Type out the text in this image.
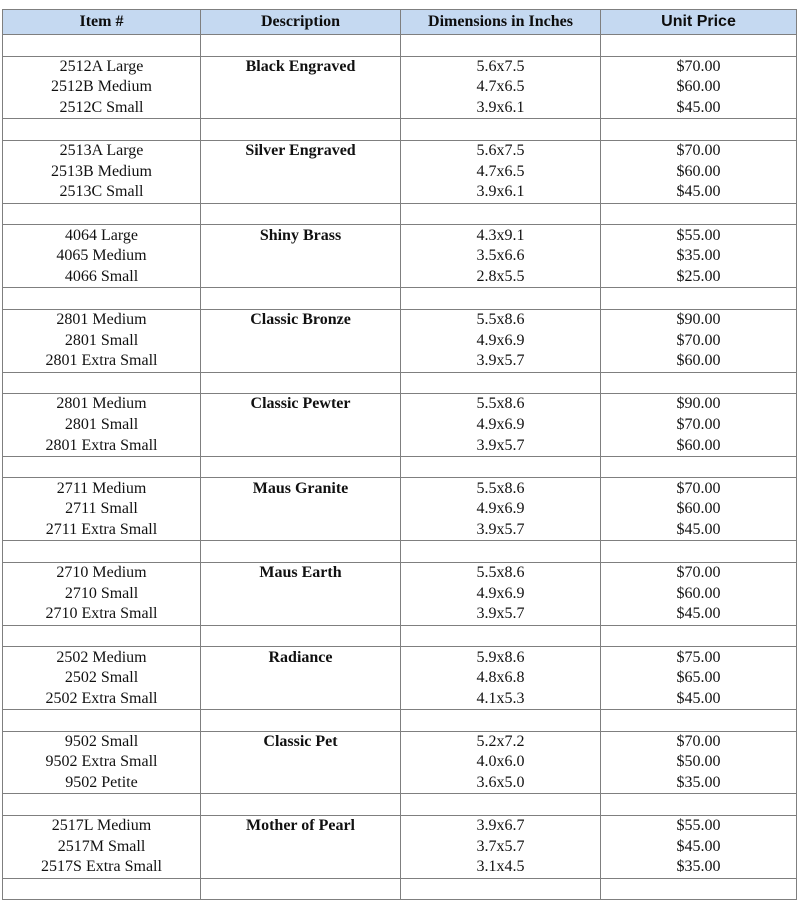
Item #	Description	Dimensions in Inches	Unit Price

2512A Large	Black Engraved	5.6x7.5	$70.00
2512B Medium		4.7x6.5	$60.00
2512C Small		3.9x6.1	$45.00

2513A Large	Silver Engraved	5.6x7.5	$70.00
2513B Medium		4.7x6.5	$60.00
2513C Small		3.9x6.1	$45.00

4064 Large	Shiny Brass	4.3x9.1	$55.00
4065 Medium		3.5x6.6	$35.00
4066 Small		2.8x5.5	$25.00

2801 Medium	Classic Bronze	5.5x8.6	$90.00
2801 Small		4.9x6.9	$70.00
2801 Extra Small		3.9x5.7	$60.00

2801 Medium	Classic Pewter	5.5x8.6	$90.00
2801 Small		4.9x6.9	$70.00
2801 Extra Small		3.9x5.7	$60.00

2711 Medium	Maus Granite	5.5x8.6	$70.00
2711 Small		4.9x6.9	$60.00
2711 Extra Small		3.9x5.7	$45.00

2710 Medium	Maus Earth	5.5x8.6	$70.00
2710 Small		4.9x6.9	$60.00
2710 Extra Small		3.9x5.7	$45.00

2502 Medium	Radiance	5.9x8.6	$75.00
2502 Small		4.8x6.8	$65.00
2502 Extra Small		4.1x5.3	$45.00

9502 Small	Classic Pet	5.2x7.2	$70.00
9502 Extra Small		4.0x6.0	$50.00
9502 Petite		3.6x5.0	$35.00

2517L Medium	Mother of Pearl	3.9x6.7	$55.00
2517M Small		3.7x5.7	$45.00
2517S Extra Small		3.1x4.5	$35.00
